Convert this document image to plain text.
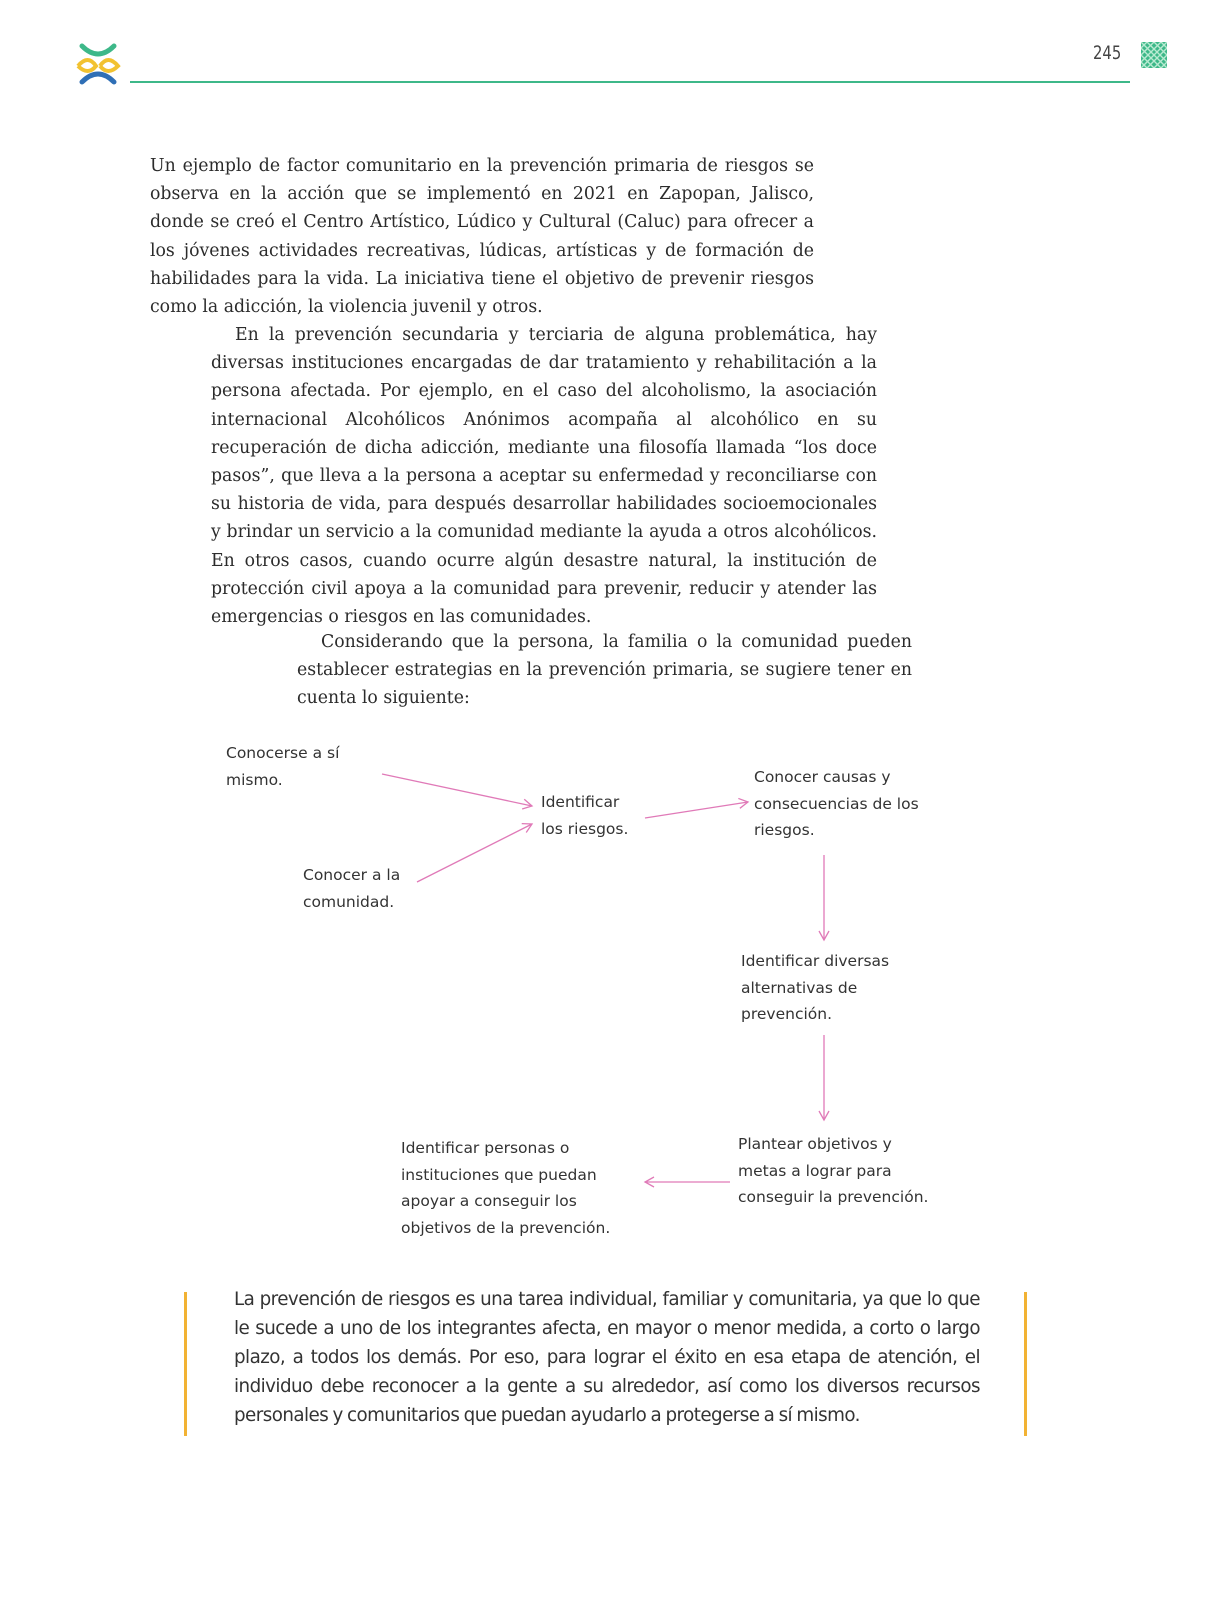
245

Un ejemplo de factor comunitario en la prevención primaria de riesgos se observa en la acción que se implementó en 2021 en Zapopan, Jalisco, donde se creó el Centro Artístico, Lúdico y Cultural (Caluc) para ofrecer a los jóvenes actividades recreativas, lúdicas, artísticas y de formación de habilidades para la vida. La iniciativa tiene el objetivo de prevenir riesgos como la adicción, la violencia juvenil y otros.

En la prevención secundaria y terciaria de alguna problemática, hay diversas instituciones encargadas de dar tratamiento y rehabilitación a la persona afectada. Por ejemplo, en el caso del alcoholismo, la asociación internacional Alcohólicos Anónimos acompaña al alcohólico en su recuperación de dicha adicción, mediante una filosofía llamada “los doce pasos”, que lleva a la persona a aceptar su enfermedad y reconciliarse con su historia de vida, para después desarrollar habilidades socioemocionales y brindar un servicio a la comunidad mediante la ayuda a otros alcohólicos. En otros casos, cuando ocurre algún desastre natural, la institución de protección civil apoya a la comunidad para prevenir, reducir y atender las emergencias o riesgos en las comunidades.

Considerando que la persona, la familia o la comunidad pueden establecer estrategias en la prevención primaria, se sugiere tener en cuenta lo siguiente:

Conocerse a sí
mismo.
Conocer a la
comunidad.
Identificar
los riesgos.
Conocer causas y
consecuencias de los
riesgos.
Identificar diversas
alternativas de
prevención.
Plantear objetivos y
metas a lograr para
conseguir la prevención.
Identificar personas o
instituciones que puedan
apoyar a conseguir los
objetivos de la prevención.

La prevención de riesgos es una tarea individual, familiar y comunitaria, ya que lo que le sucede a uno de los integrantes afecta, en mayor o menor medida, a corto o largo plazo, a todos los demás. Por eso, para lograr el éxito en esa etapa de atención, el individuo debe reconocer a la gente a su alrededor, así como los diversos recursos personales y comunitarios que puedan ayudarlo a protegerse a sí mismo.
